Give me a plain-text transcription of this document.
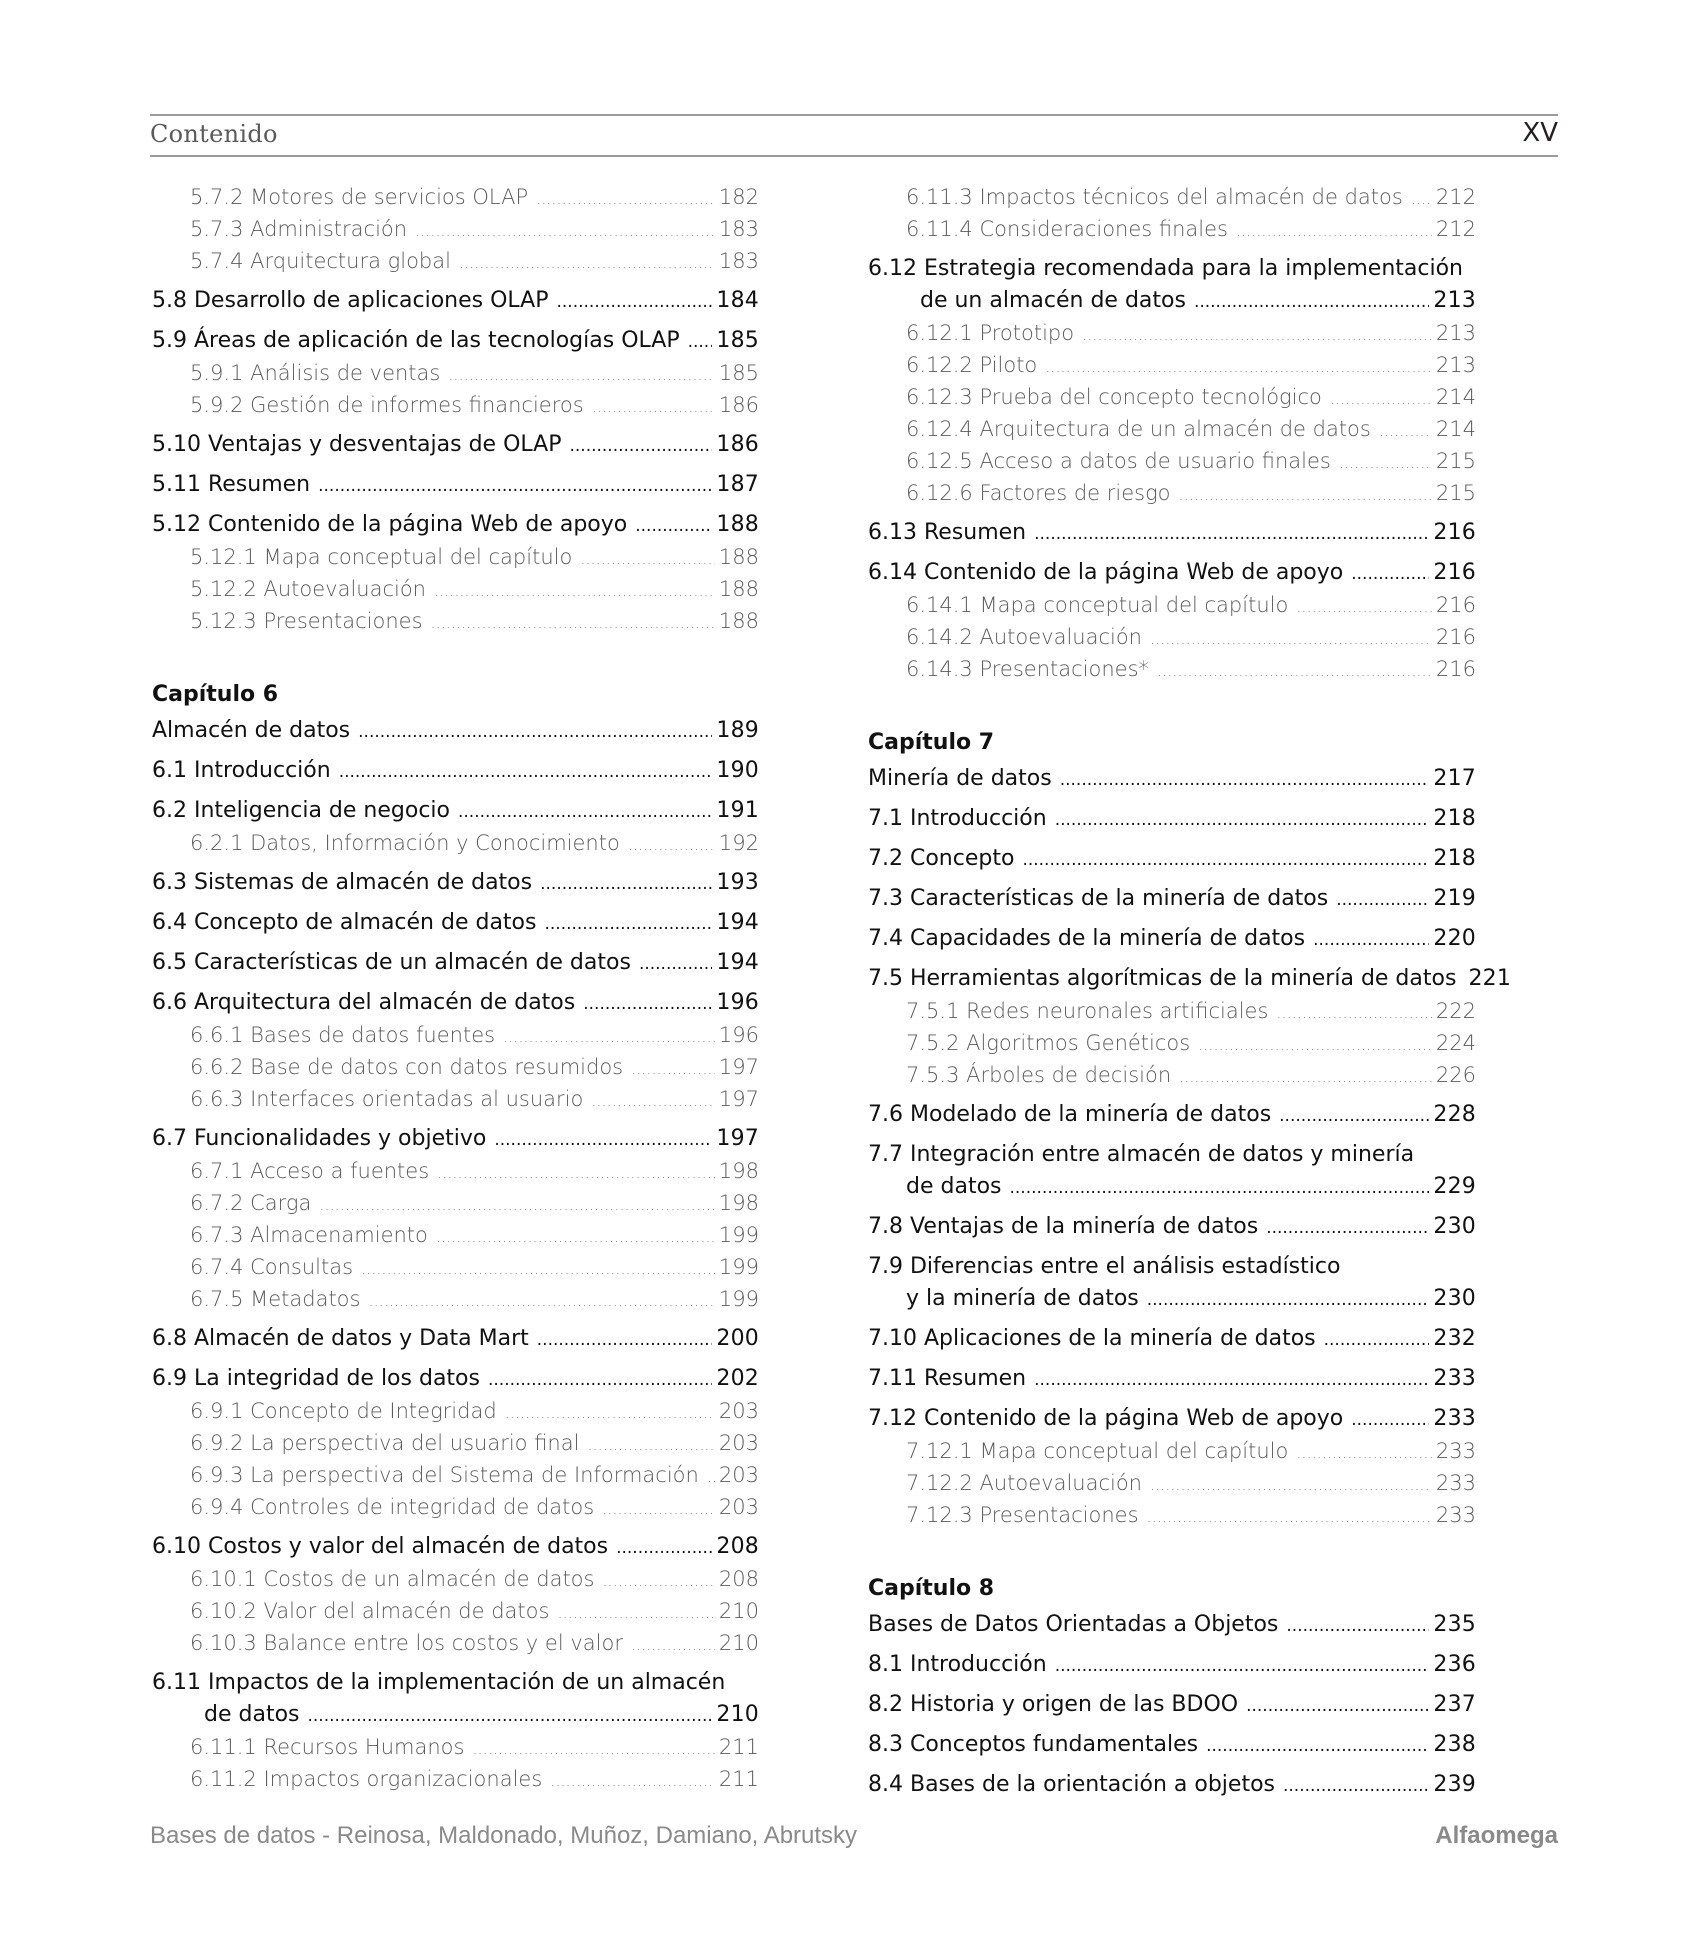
Contenido	XV
5.7.2 Motores de servicios OLAP .....	182
5.7.3 Administración .....	183
5.7.4 Arquitectura global .....	183
5.8 Desarrollo de aplicaciones OLAP .....	184
5.9 Áreas de aplicación de las tecnologías OLAP ..... 185
5.9.1 Análisis de ventas .....	185
5.9.2 Gestión de informes financieros .....	186
5.10 Ventajas y desventajas de OLAP .....	186
5.11 Resumen .....	187
5.12 Contenido de la página Web de apoyo .....	188
5.12.1 Mapa conceptual del capítulo .....	188
5.12.2 Autoevaluación .....	188
5.12.3 Presentaciones .....	188
Capítulo 6
Almacén de datos .....	189
6.1 Introducción .....	190
6.2 Inteligencia de negocio .....	191
6.2.1 Datos, Información y Conocimiento .....	192
6.3 Sistemas de almacén de datos .....	193
6.4 Concepto de almacén de datos .....	194
6.5 Características de un almacén de datos .....	194
6.6 Arquitectura del almacén de datos .....	196
6.6.1 Bases de datos fuentes .....	196
6.6.2 Base de datos con datos resumidos .....	197
6.6.3 Interfaces orientadas al usuario .....	197
6.7 Funcionalidades y objetivo .....	197
6.7.1 Acceso a fuentes .....	198
6.7.2 Carga .....	198
6.7.3 Almacenamiento .....	199
6.7.4 Consultas .....	199
6.7.5 Metadatos .....	199
6.8 Almacén de datos y Data Mart .....	200
6.9 La integridad de los datos .....	202
6.9.1 Concepto de Integridad .....	203
6.9.2 La perspectiva del usuario final .....	203
6.9.3 La perspectiva del Sistema de Información ..... 203
6.9.4 Controles de integridad de datos .....	203
6.10 Costos y valor del almacén de datos .....	208
6.10.1 Costos de un almacén de datos .....	208
6.10.2 Valor del almacén de datos .....	210
6.10.3 Balance entre los costos y el valor .....	210
6.11 Impactos de la implementación de un almacén
de datos .....	210
6.11.1 Recursos Humanos .....	211
6.11.2 Impactos organizacionales .....	211
6.11.3 Impactos técnicos del almacén de datos ..... 212
6.11.4 Consideraciones finales .....	212
6.12 Estrategia recomendada para la implementación
de un almacén de datos .....	213
6.12.1 Prototipo .....	213
6.12.2 Piloto .....	213
6.12.3 Prueba del concepto tecnológico .....	214
6.12.4 Arquitectura de un almacén de datos .....	214
6.12.5 Acceso a datos de usuario finales .....	215
6.12.6 Factores de riesgo .....	215
6.13 Resumen .....	216
6.14 Contenido de la página Web de apoyo .....	216
6.14.1 Mapa conceptual del capítulo .....	216
6.14.2 Autoevaluación .....	216
6.14.3 Presentaciones* .....	216
Capítulo 7
Minería de datos .....	217
7.1 Introducción .....	218
7.2 Concepto .....	218
7.3 Características de la minería de datos .....	219
7.4 Capacidades de la minería de datos .....	220
7.5 Herramientas algorítmicas de la minería de datos 221
7.5.1 Redes neuronales artificiales .....	222
7.5.2 Algoritmos Genéticos .....	224
7.5.3 Árboles de decisión .....	226
7.6 Modelado de la minería de datos .....	228
7.7 Integración entre almacén de datos y minería
de datos .....	229
7.8 Ventajas de la minería de datos .....	230
7.9 Diferencias entre el análisis estadístico
y la minería de datos .....	230
7.10 Aplicaciones de la minería de datos .....	232
7.11 Resumen .....	233
7.12 Contenido de la página Web de apoyo .....	233
7.12.1 Mapa conceptual del capítulo .....	233
7.12.2 Autoevaluación .....	233
7.12.3 Presentaciones .....	233
Capítulo 8
Bases de Datos Orientadas a Objetos .....	235
8.1 Introducción .....	236
8.2 Historia y origen de las BDOO .....	237
8.3 Conceptos fundamentales .....	238
8.4 Bases de la orientación a objetos .....	239
Bases de datos - Reinosa, Maldonado, Muñoz, Damiano, Abrutsky	Alfaomega
